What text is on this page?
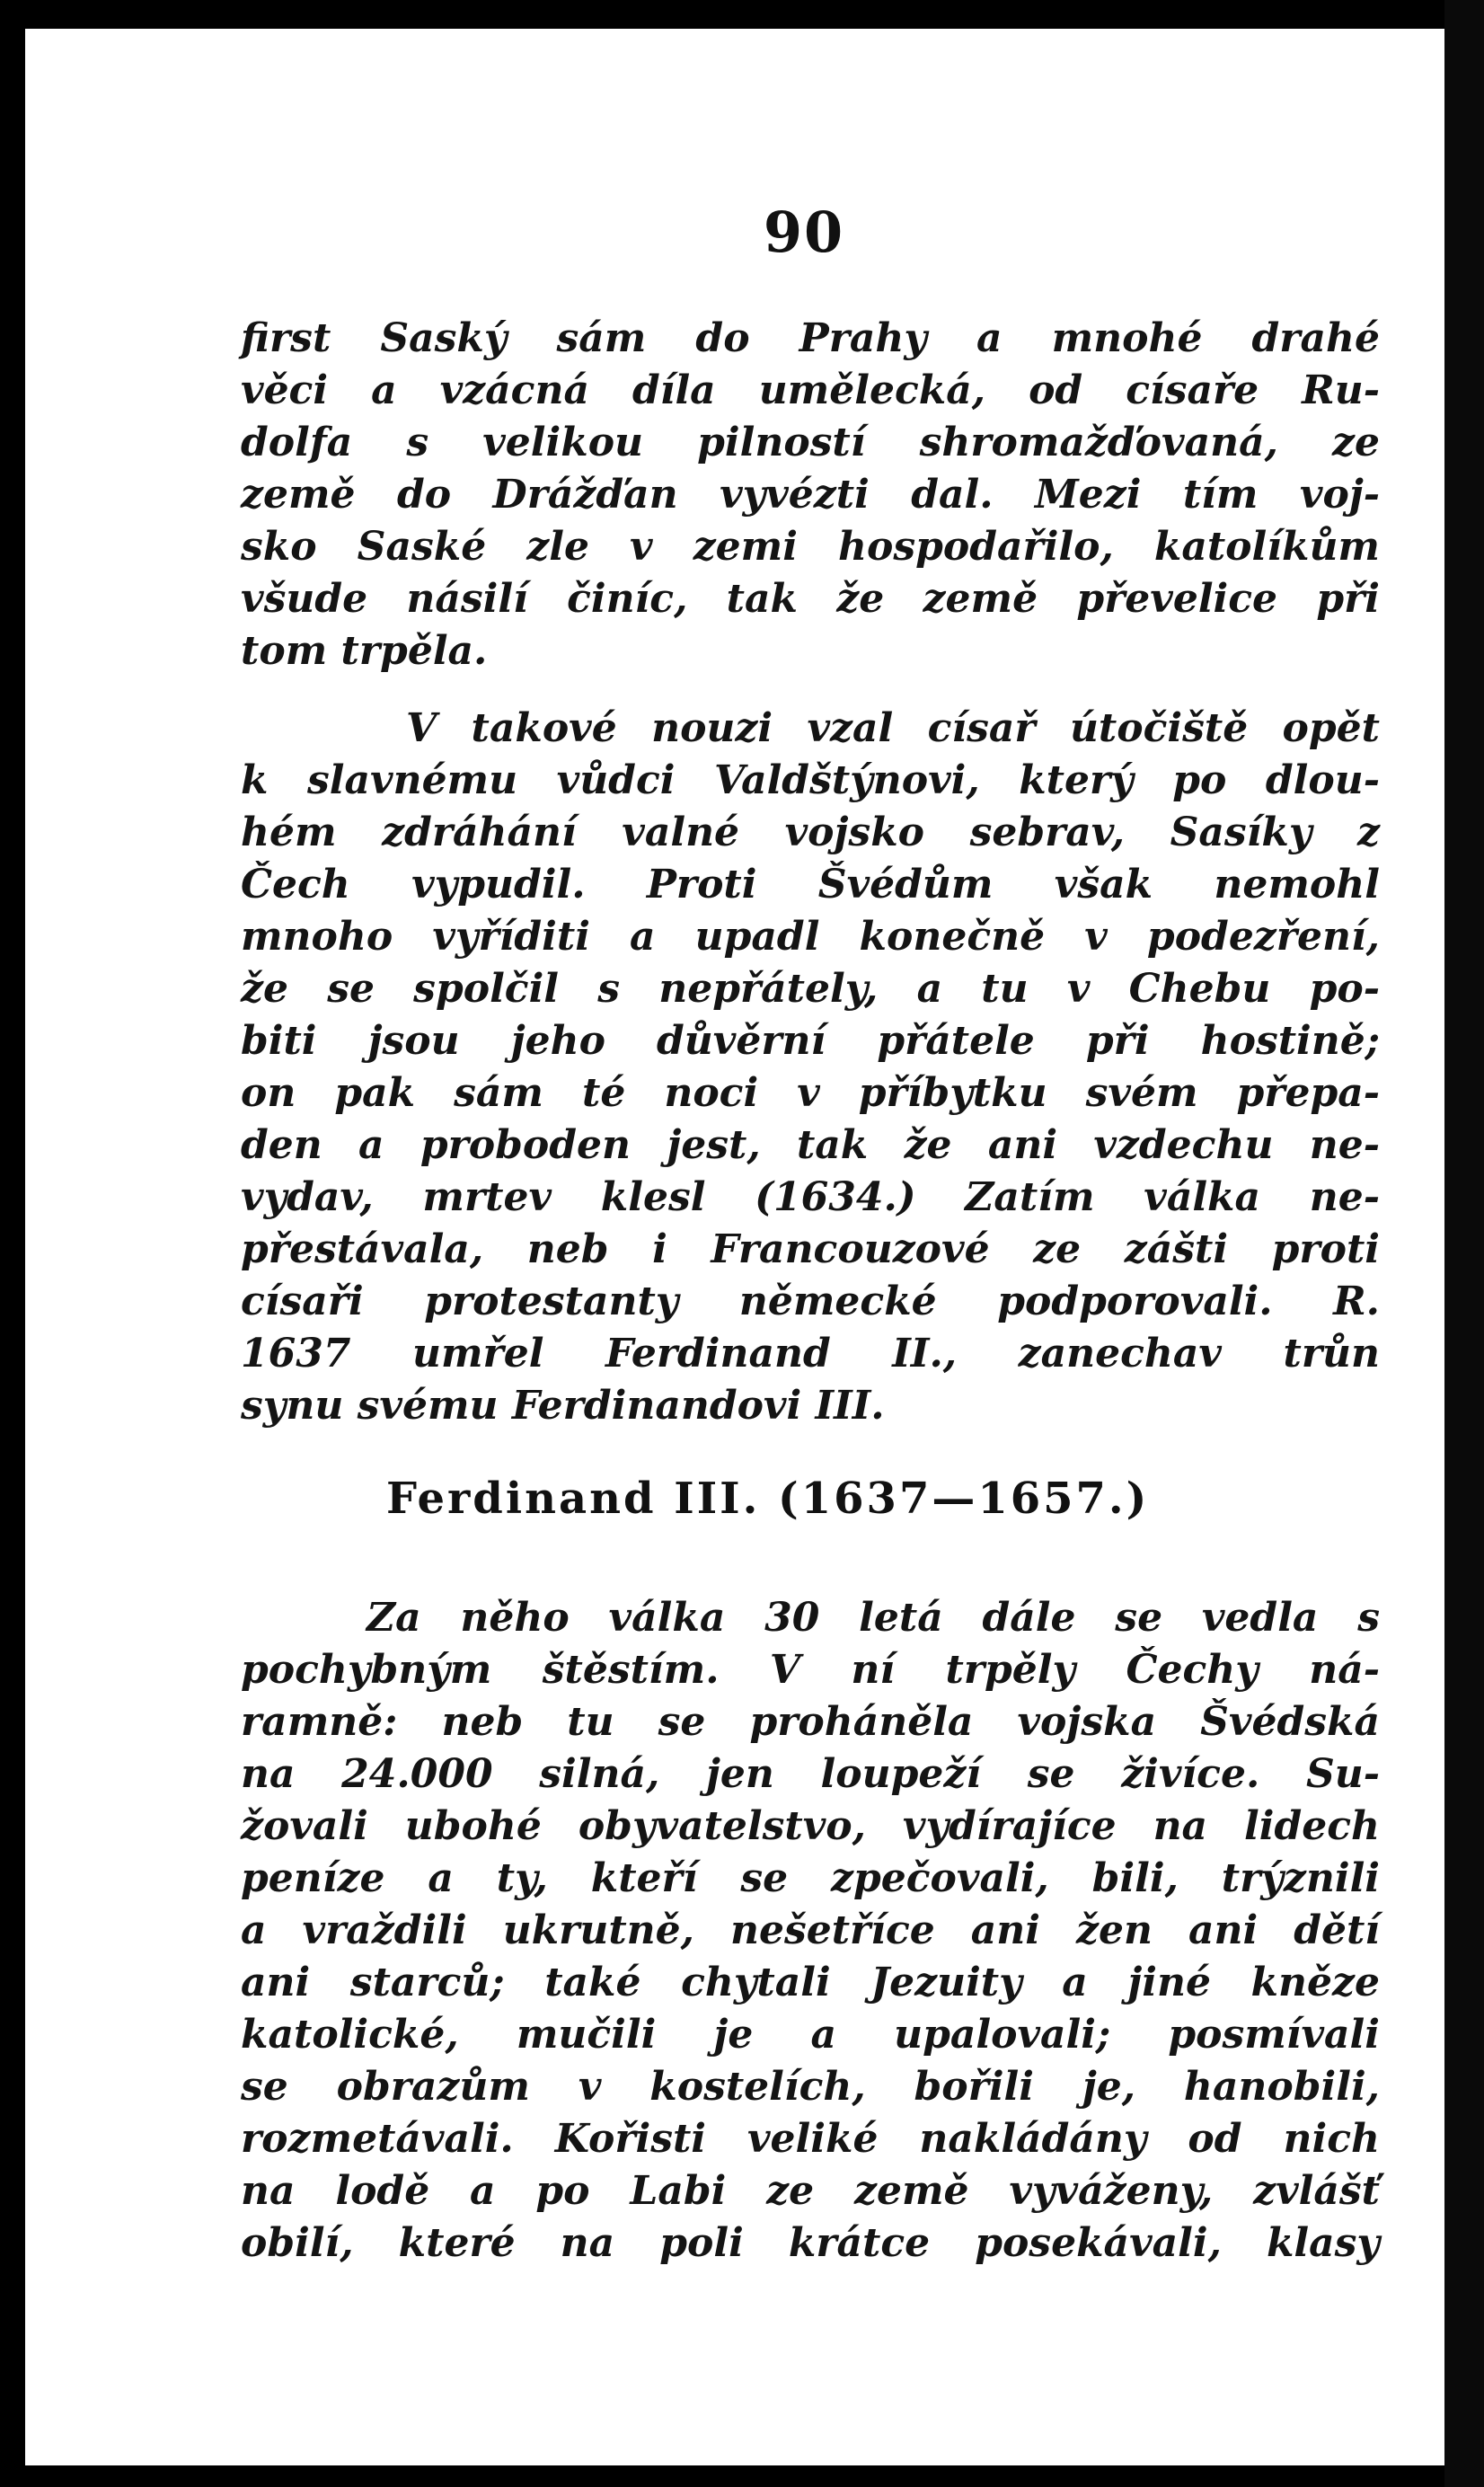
90
first Saský sám do Prahy a mnohé drahé
věci a vzácná díla umělecká, od císaře Ru-
dolfa s velikou pilností shromažďovaná, ze
země do Drážďan vyvézti dal. Mezi tím voj-
sko Saské zle v zemi hospodařilo, katolíkům
všude násilí činíc, tak že země převelice při
tom trpěla.
V takové nouzi vzal císař útočiště opět
k slavnému vůdci Valdštýnovi, který po dlou-
hém zdráhání valné vojsko sebrav, Sasíky z
Čech vypudil. Proti Švédům však nemohl
mnoho vyříditi a upadl konečně v podezření,
že se spolčil s nepřátely, a tu v Chebu po-
biti jsou jeho důvěrní přátele při hostině;
on pak sám té noci v příbytku svém přepa-
den a proboden jest, tak že ani vzdechu ne-
vydav, mrtev klesl (1634.) Zatím válka ne-
přestávala, neb i Francouzové ze zášti proti
císaři protestanty německé podporovali. R.
1637 umřel Ferdinand II., zanechav trůn
synu svému Ferdinandovi III.
Ferdinand III. (1637—1657.)
Za něho válka 30 letá dále se vedla s
pochybným štěstím. V ní trpěly Čechy ná-
ramně: neb tu se proháněla vojska Švédská
na 24.000 silná, jen loupeží se živíce. Su-
žovali ubohé obyvatelstvo, vydírajíce na lidech
peníze a ty, kteří se zpečovali, bili, trýznili
a vraždili ukrutně, nešetříce ani žen ani dětí
ani starců; také chytali Jezuity a jiné kněze
katolické, mučili je a upalovali; posmívali
se obrazům v kostelích, bořili je, hanobili,
rozmetávali. Kořisti veliké nakládány od nich
na lodě a po Labi ze země vyváženy, zvlášť
obilí, které na poli krátce posekávali, klasy
